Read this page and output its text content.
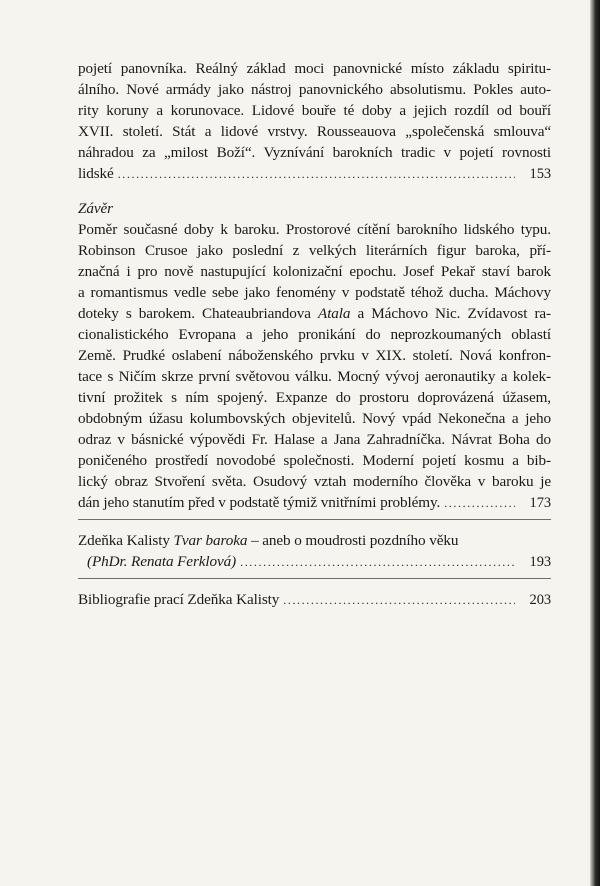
pojetí panovníka. Reálný základ moci panovnické místo základu spiritu-
álního. Nové armády jako nástroj panovnického absolutismu. Pokles auto-
rity koruny a korunovace. Lidové bouře té doby a jejich rozdíl od bouří
XVII. století. Stát a lidové vrstvy. Rousseauova „společenská smlouva“
náhradou za „milost Boží“. Vyznívání barokních tradic v pojetí rovnosti
lidské .....	153
Závěr
Poměr současné doby k baroku. Prostorové cítění barokního lidského typu.
Robinson Crusoe jako poslední z velkých literárních figur baroka, pří-
značná i pro nově nastupující kolonizační epochu. Josef Pekař staví barok
a romantismus vedle sebe jako fenomény v podstatě téhož ducha. Máchovy
doteky s barokem. Chateaubriandova Atala a Máchovo Nic. Zvídavost ra-
cionalistického Evropana a jeho pronikání do neprozkoumaných oblastí
Země. Prudké oslabení náboženského prvku v XIX. století. Nová konfron-
tace s Ničím skrze první světovou válku. Mocný vývoj aeronautiky a kolek-
tivní prožitek s ním spojený. Expanze do prostoru doprovázená úžasem,
obdobným úžasu kolumbovských objevitelů. Nový vpád Nekonečna a jeho
odraz v básnické výpovědi Fr. Halase a Jana Zahradníčka. Návrat Boha do
poničeného prostředí novodobé společnosti. Moderní pojetí kosmu a bib-
lický obraz Stvoření světa. Osudový vztah moderního člověka v baroku je
dán jeho stanutím před v podstatě týmiž vnitřními problémy. .....	173
Zdeňka Kalisty Tvar baroka – aneb o moudrosti pozdního věku
(PhDr. Renata Ferklová) .....	193
Bibliografie prací Zdeňka Kalisty .....	203
